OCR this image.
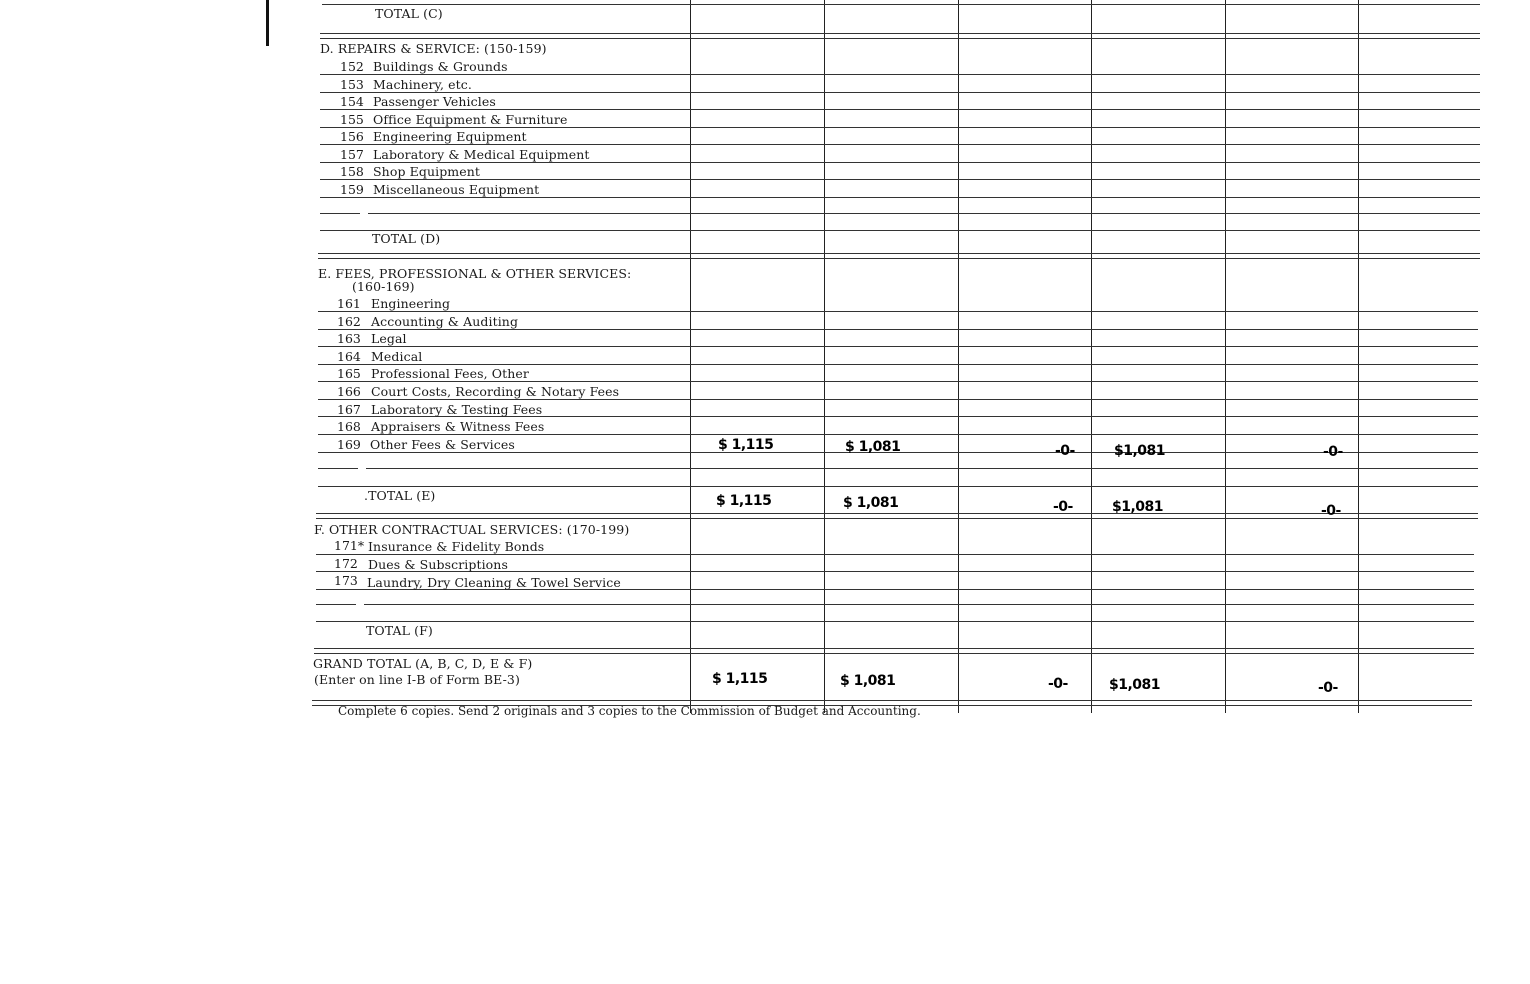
TOTAL (C)
D. REPAIRS & SERVICE: (150-159)
152 Buildings & Grounds
153 Machinery, etc.
154 Passenger Vehicles
155 Office Equipment & Furniture
156 Engineering Equipment
157 Laboratory & Medical Equipment
158 Shop Equipment
159 Miscellaneous Equipment
TOTAL (D)
E. FEES, PROFESSIONAL & OTHER SERVICES:
(160-169)
161 Engineering
162 Accounting & Auditing
163 Legal
164 Medical
165 Professional Fees, Other
166 Court Costs, Recording & Notary Fees
167 Laboratory & Testing Fees
168 Appraisers & Witness Fees
169 Other Fees & Services	$ 1,115	$ 1,081	-0-	$1,081	-0-
.TOTAL (E)	$ 1,115	$ 1,081	-0-	$1,081	-0-
F. OTHER CONTRACTUAL SERVICES: (170-199)
171* Insurance & Fidelity Bonds
172 Dues & Subscriptions
173 Laundry, Dry Cleaning & Towel Service
TOTAL (F)
GRAND TOTAL (A, B, C, D, E & F)
(Enter on line I-B of Form BE-3)	$ 1,115	$ 1,081	-0-	$1,081	-0-
Complete 6 copies. Send 2 originals and 3 copies to the Commission of Budget and Accounting.
